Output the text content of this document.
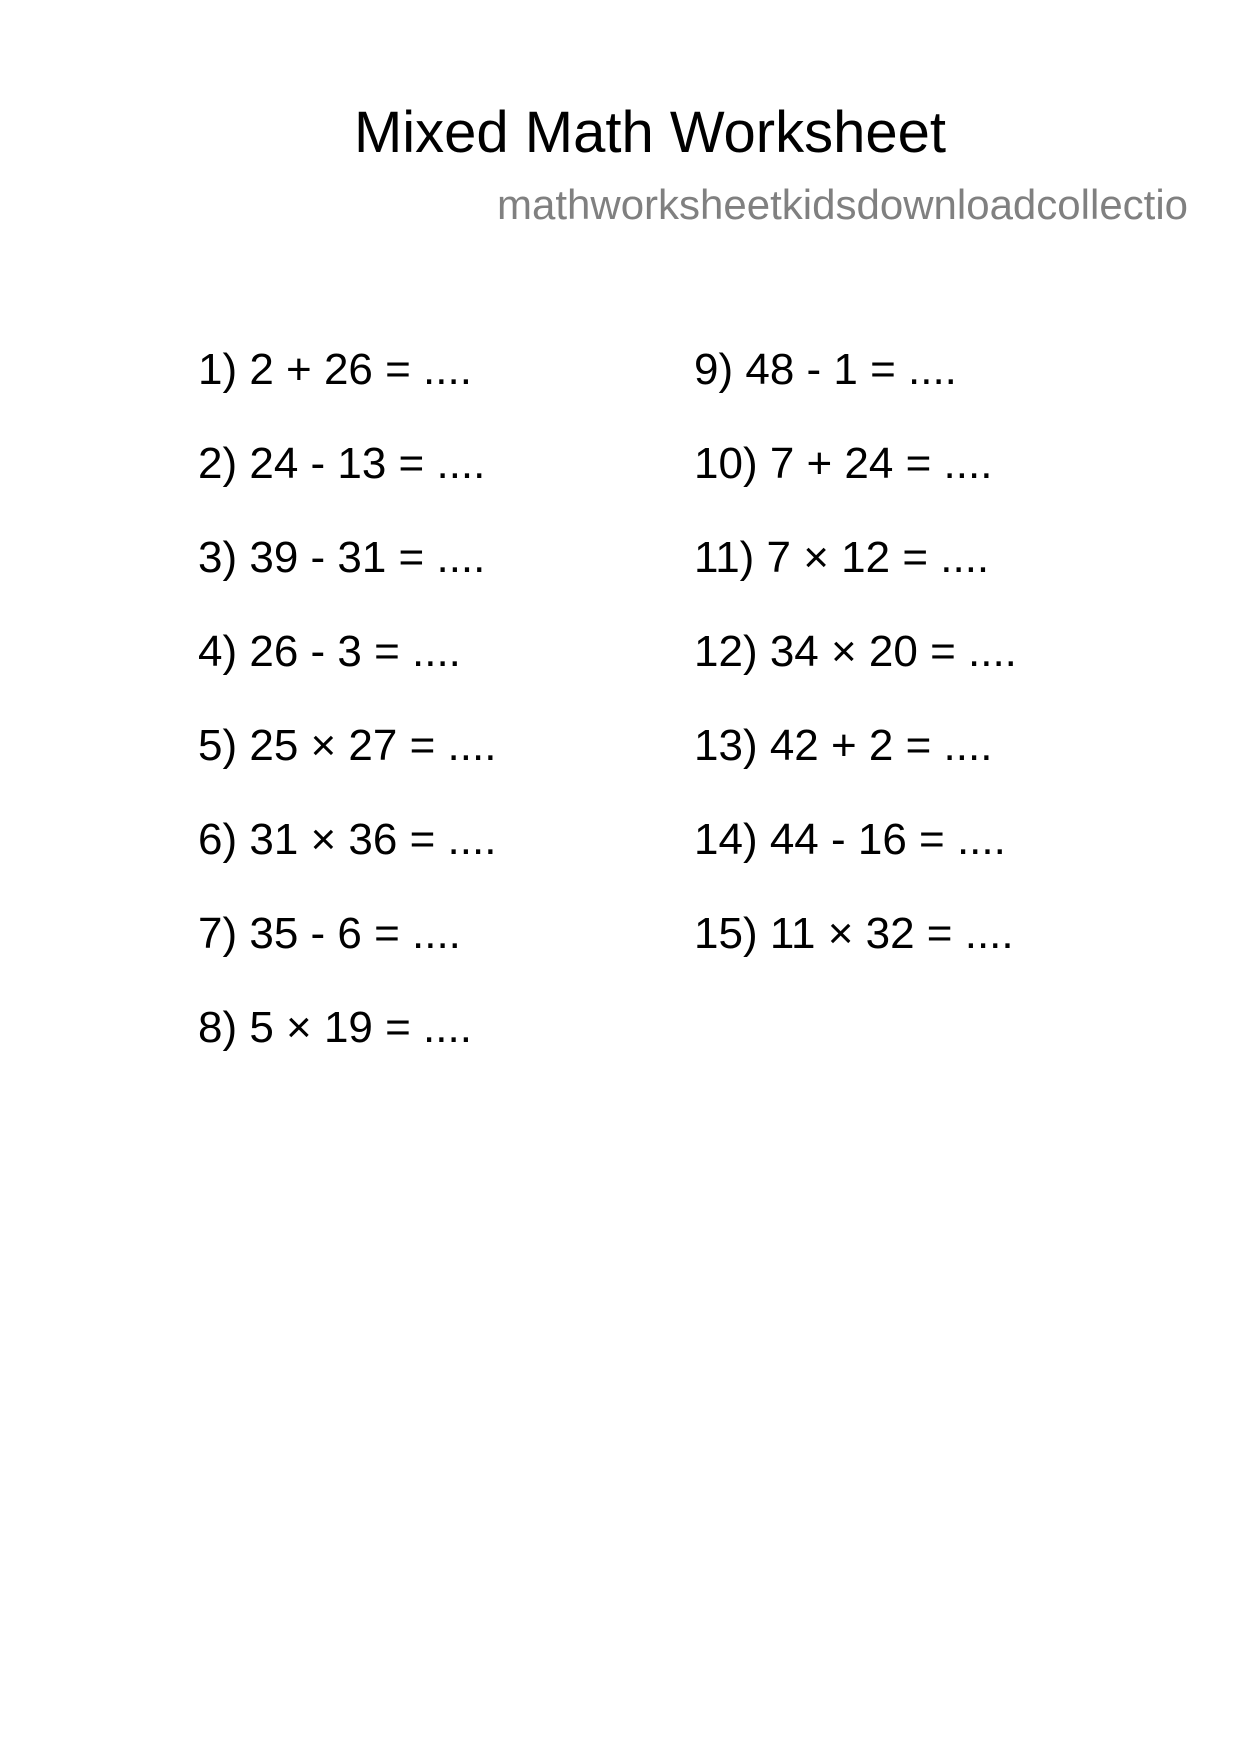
Mixed Math Worksheet
mathworksheetkidsdownloadcollectio
1) 2 + 26 = ....
2) 24 - 13 = ....
3) 39 - 31 = ....
4) 26 - 3 = ....
5) 25 × 27 = ....
6) 31 × 36 = ....
7) 35 - 6 = ....
8) 5 × 19 = ....
9) 48 - 1 = ....
10) 7 + 24 = ....
11) 7 × 12 = ....
12) 34 × 20 = ....
13) 42 + 2 = ....
14) 44 - 16 = ....
15) 11 × 32 = ....
